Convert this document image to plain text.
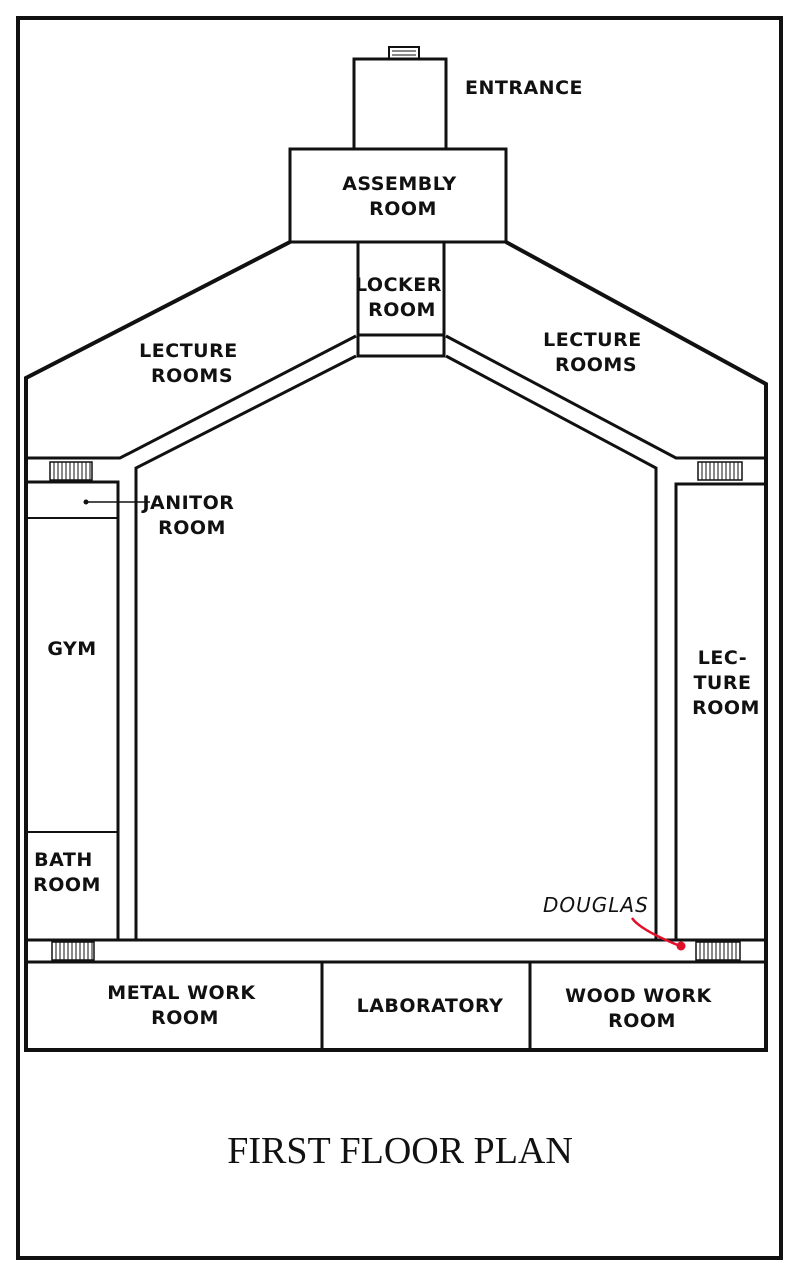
ENTRANCE
ASSEMBLY ROOM
LOCKER ROOM
LECTURE ROOMS
LECTURE ROOMS
JANITOR ROOM
GYM	LEC- TURE ROOM
BATH ROOM
DOUGLAS
METAL WORK ROOM
LABORATORY	WOOD WORK ROOM
FIRST FLOOR PLAN
